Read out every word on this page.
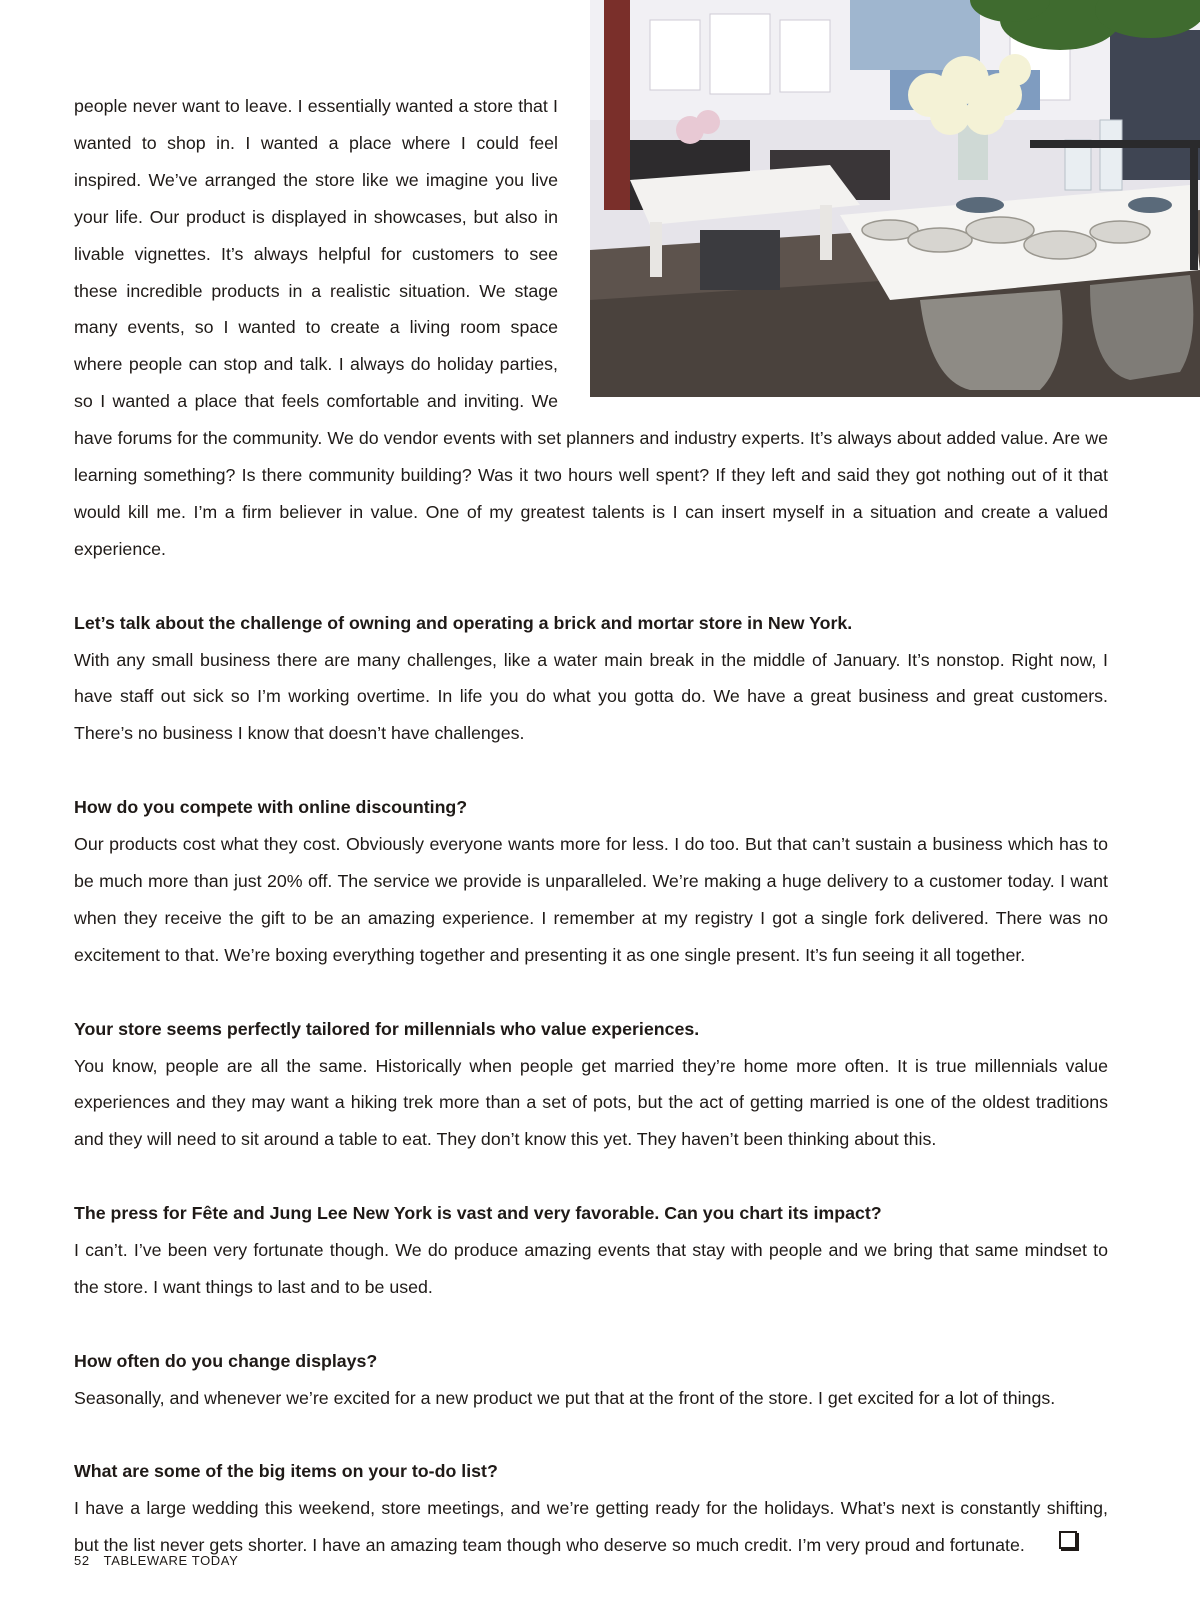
people never want to leave. I essentially wanted a store that I wanted to shop in. I wanted a place where I could feel inspired. We’ve arranged the store like we imagine you live your life. Our product is displayed in showcases, but also in livable vignettes. It’s always helpful for customers to see these incredible products in a realistic situation. We stage many events, so I wanted to create a living room space where people can stop and talk. I always do holiday parties, so I wanted a place that feels comfortable and inviting. We have forums for the community. We do vendor events with set planners and industry experts. It’s always about added value. Are we learning something? Is there community building? Was it two hours well spent? If they left and said they got nothing out of it that would kill me. I’m a firm believer in value. One of my greatest talents is I can insert myself in a situation and create a valued experience.

Let’s talk about the challenge of owning and operating a brick and mortar store in New York.

With any small business there are many challenges, like a water main break in the middle of January. It’s nonstop. Right now, I have staff out sick so I’m working overtime. In life you do what you gotta do. We have a great business and great customers. There’s no business I know that doesn’t have challenges.

How do you compete with online discounting?

Our products cost what they cost. Obviously everyone wants more for less. I do too. But that can’t sustain a business which has to be much more than just 20% off. The service we provide is unparalleled. We’re making a huge delivery to a customer today. I want when they receive the gift to be an amazing experience. I remember at my registry I got a single fork delivered. There was no excitement to that. We’re boxing everything together and presenting it as one single present. It’s fun seeing it all together.

Your store seems perfectly tailored for millennials who value experiences.

You know, people are all the same. Historically when people get married they’re home more often. It is true millennials value experiences and they may want a hiking trek more than a set of pots, but the act of getting married is one of the oldest traditions and they will need to sit around a table to eat. They don’t know this yet. They haven’t been thinking about this.

The press for Fête and Jung Lee New York is vast and very favorable. Can you chart its impact?

I can’t. I’ve been very fortunate though. We do produce amazing events that stay with people and we bring that same mindset to the store. I want things to last and to be used.

How often do you change displays?

Seasonally, and whenever we’re excited for a new product we put that at the front of the store. I get excited for a lot of things.

What are some of the big items on your to-do list?

I have a large wedding this weekend, store meetings, and we’re getting ready for the holidays. What’s next is constantly shifting, but the list never gets shorter. I have an amazing team though who deserve so much credit. I’m very proud and fortunate.

52 TABLEWARE TODAY
